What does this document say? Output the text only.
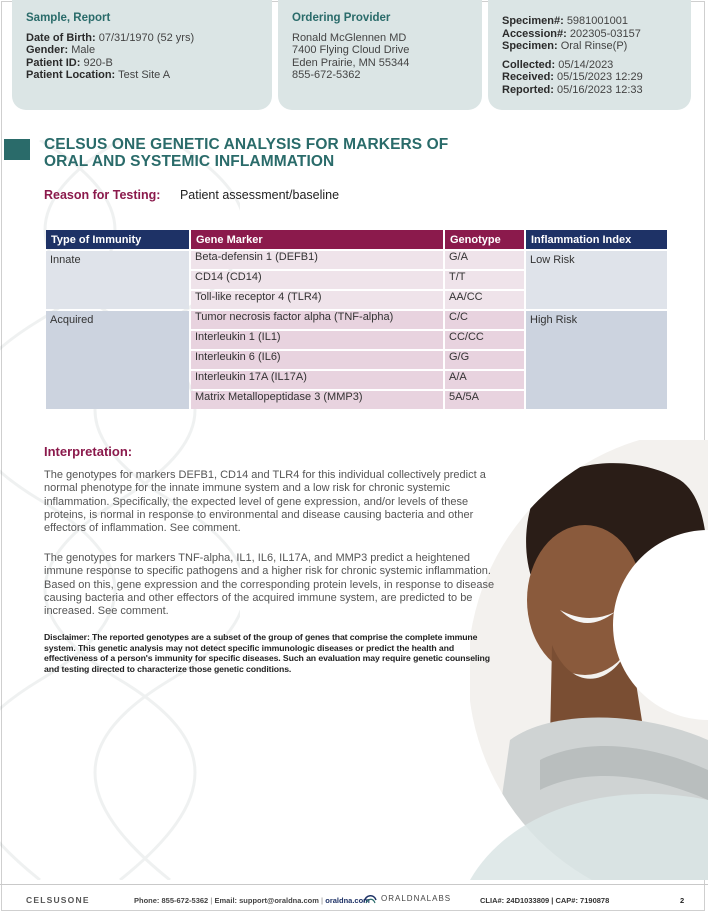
Sample, Report
Date of Birth: 07/31/1970 (52 yrs)
Gender: Male
Patient ID: 920-B
Patient Location: Test Site A
Ordering Provider
Ronald McGlennen MD
7400 Flying Cloud Drive
Eden Prairie, MN 55344
855-672-5362
Specimen#: 5981001001
Accession#: 202305-03157
Specimen: Oral Rinse(P)
Collected: 05/14/2023
Received: 05/15/2023 12:29
Reported: 05/16/2023 12:33
CELSUS ONE GENETIC ANALYSIS FOR MARKERS OF
ORAL AND SYSTEMIC INFLAMMATION
Reason for Testing: Patient assessment/baseline
Type of Immunity	Gene Marker	Genotype	Inflammation Index
Innate	Beta-defensin 1 (DEFB1)	G/A	Low Risk
	CD14 (CD14)	T/T	
	Toll-like receptor 4 (TLR4)	AA/CC	
Acquired	Tumor necrosis factor alpha (TNF-alpha)	C/C	High Risk
	Interleukin 1 (IL1)	CC/CC	
	Interleukin 6 (IL6)	G/G	
	Interleukin 17A (IL17A)	A/A	
	Matrix Metallopeptidase 3 (MMP3)	5A/5A	
Interpretation:
The genotypes for markers DEFB1, CD14 and TLR4 for this individual collectively predict a normal phenotype for the innate immune system and a low risk for chronic systemic inflammation. Specifically, the expected level of gene expression, and/or levels of these proteins, is normal in response to environmental and disease causing bacteria and other effectors of inflammation. See comment.
The genotypes for markers TNF-alpha, IL1, IL6, IL17A, and MMP3 predict a heightened immune response to specific pathogens and a higher risk for chronic systemic inflammation. Based on this, gene expression and the corresponding protein levels, in response to disease causing bacteria and other effectors of the acquired immune system, are predicted to be increased. See comment.
Disclaimer: The reported genotypes are a subset of the group of genes that comprise the complete immune system. This genetic analysis may not detect specific immunologic diseases or predict the health and effectiveness of a person's immunity for specific diseases. Such an evaluation may require genetic counseling and testing directed to characterize those genetic conditions.
CELSUSONE	Phone: 855-672-5362 | Email: support@oraldna.com | oraldna.com ORALDNALABS	CLIA#: 24D1033809 | CAP#: 7190878	2
